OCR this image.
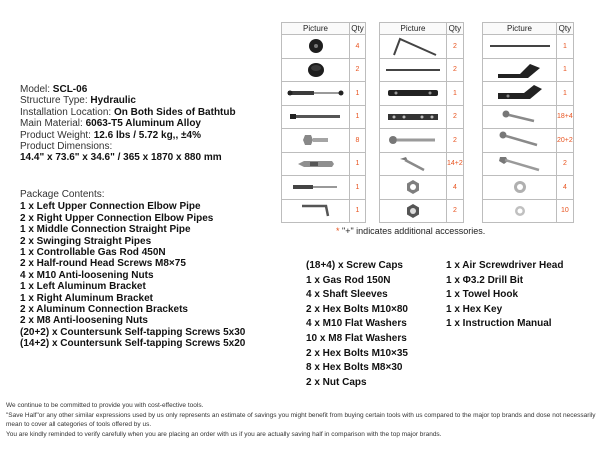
Picture	Qty

	4

	2

	1

	1

	8

	1

	1

	1
Picture	Qty

	2

	2

	1

	2

	2

	14+2

	4

	2
Picture	Qty

	1

	1

	1

	18+4

	20+2

	2

	4

	10
* "+" indicates additional accessories.
Model: SCL-06
Structure Type: Hydraulic
Installation Location: On Both Sides of Bathtub
Main Material: 6063-T5 Aluminum Alloy
Product Weight: 12.6 lbs / 5.72 kg,, ±4%
Product Dimensions:
14.4" x 73.6" x 34.6" / 365 x 1870 x 880 mm
Package Contents:
1 x Left Upper Connection Elbow Pipe
2 x Right Upper Connection Elbow Pipes
1 x Middle Connection Straight Pipe
2 x Swinging Straight Pipes
1 x Controllable Gas Rod 450N
2 x Half-round Head Screws M8×75
4 x M10 Anti-loosening Nuts
1 x Left Aluminum Bracket
1 x Right Aluminum Bracket
2 x Aluminum Connection Brackets
2 x M8 Anti-loosening Nuts
(20+2) x Countersunk Self-tapping Screws 5x30
(14+2) x Countersunk Self-tapping Screws 5x20
(18+4) x Screw Caps
1 x Gas Rod 150N
4 x Shaft Sleeves
2 x Hex Bolts M10×80
4 x M10 Flat Washers
10 x M8 Flat Washers
2 x Hex Bolts M10×35
8 x Hex Bolts M8×30
2 x Nut Caps
1 x Air Screwdriver Head
1 x Φ3.2 Drill Bit
1 x Towel Hook
1 x Hex Key
1 x Instruction Manual
We continue to be committed to provide you with cost-effective tools.
"Save Half"or any other similar expressions used by us only represents an estimate of savings you might benefit from buying certain tools with us compared to the major top brands and dose not necessarily mean to cover all categories of tools offered by us.
You are kindly reminded to verify carefully when you are placing an order with us if you are actually saving half in comparison with the top major brands.
